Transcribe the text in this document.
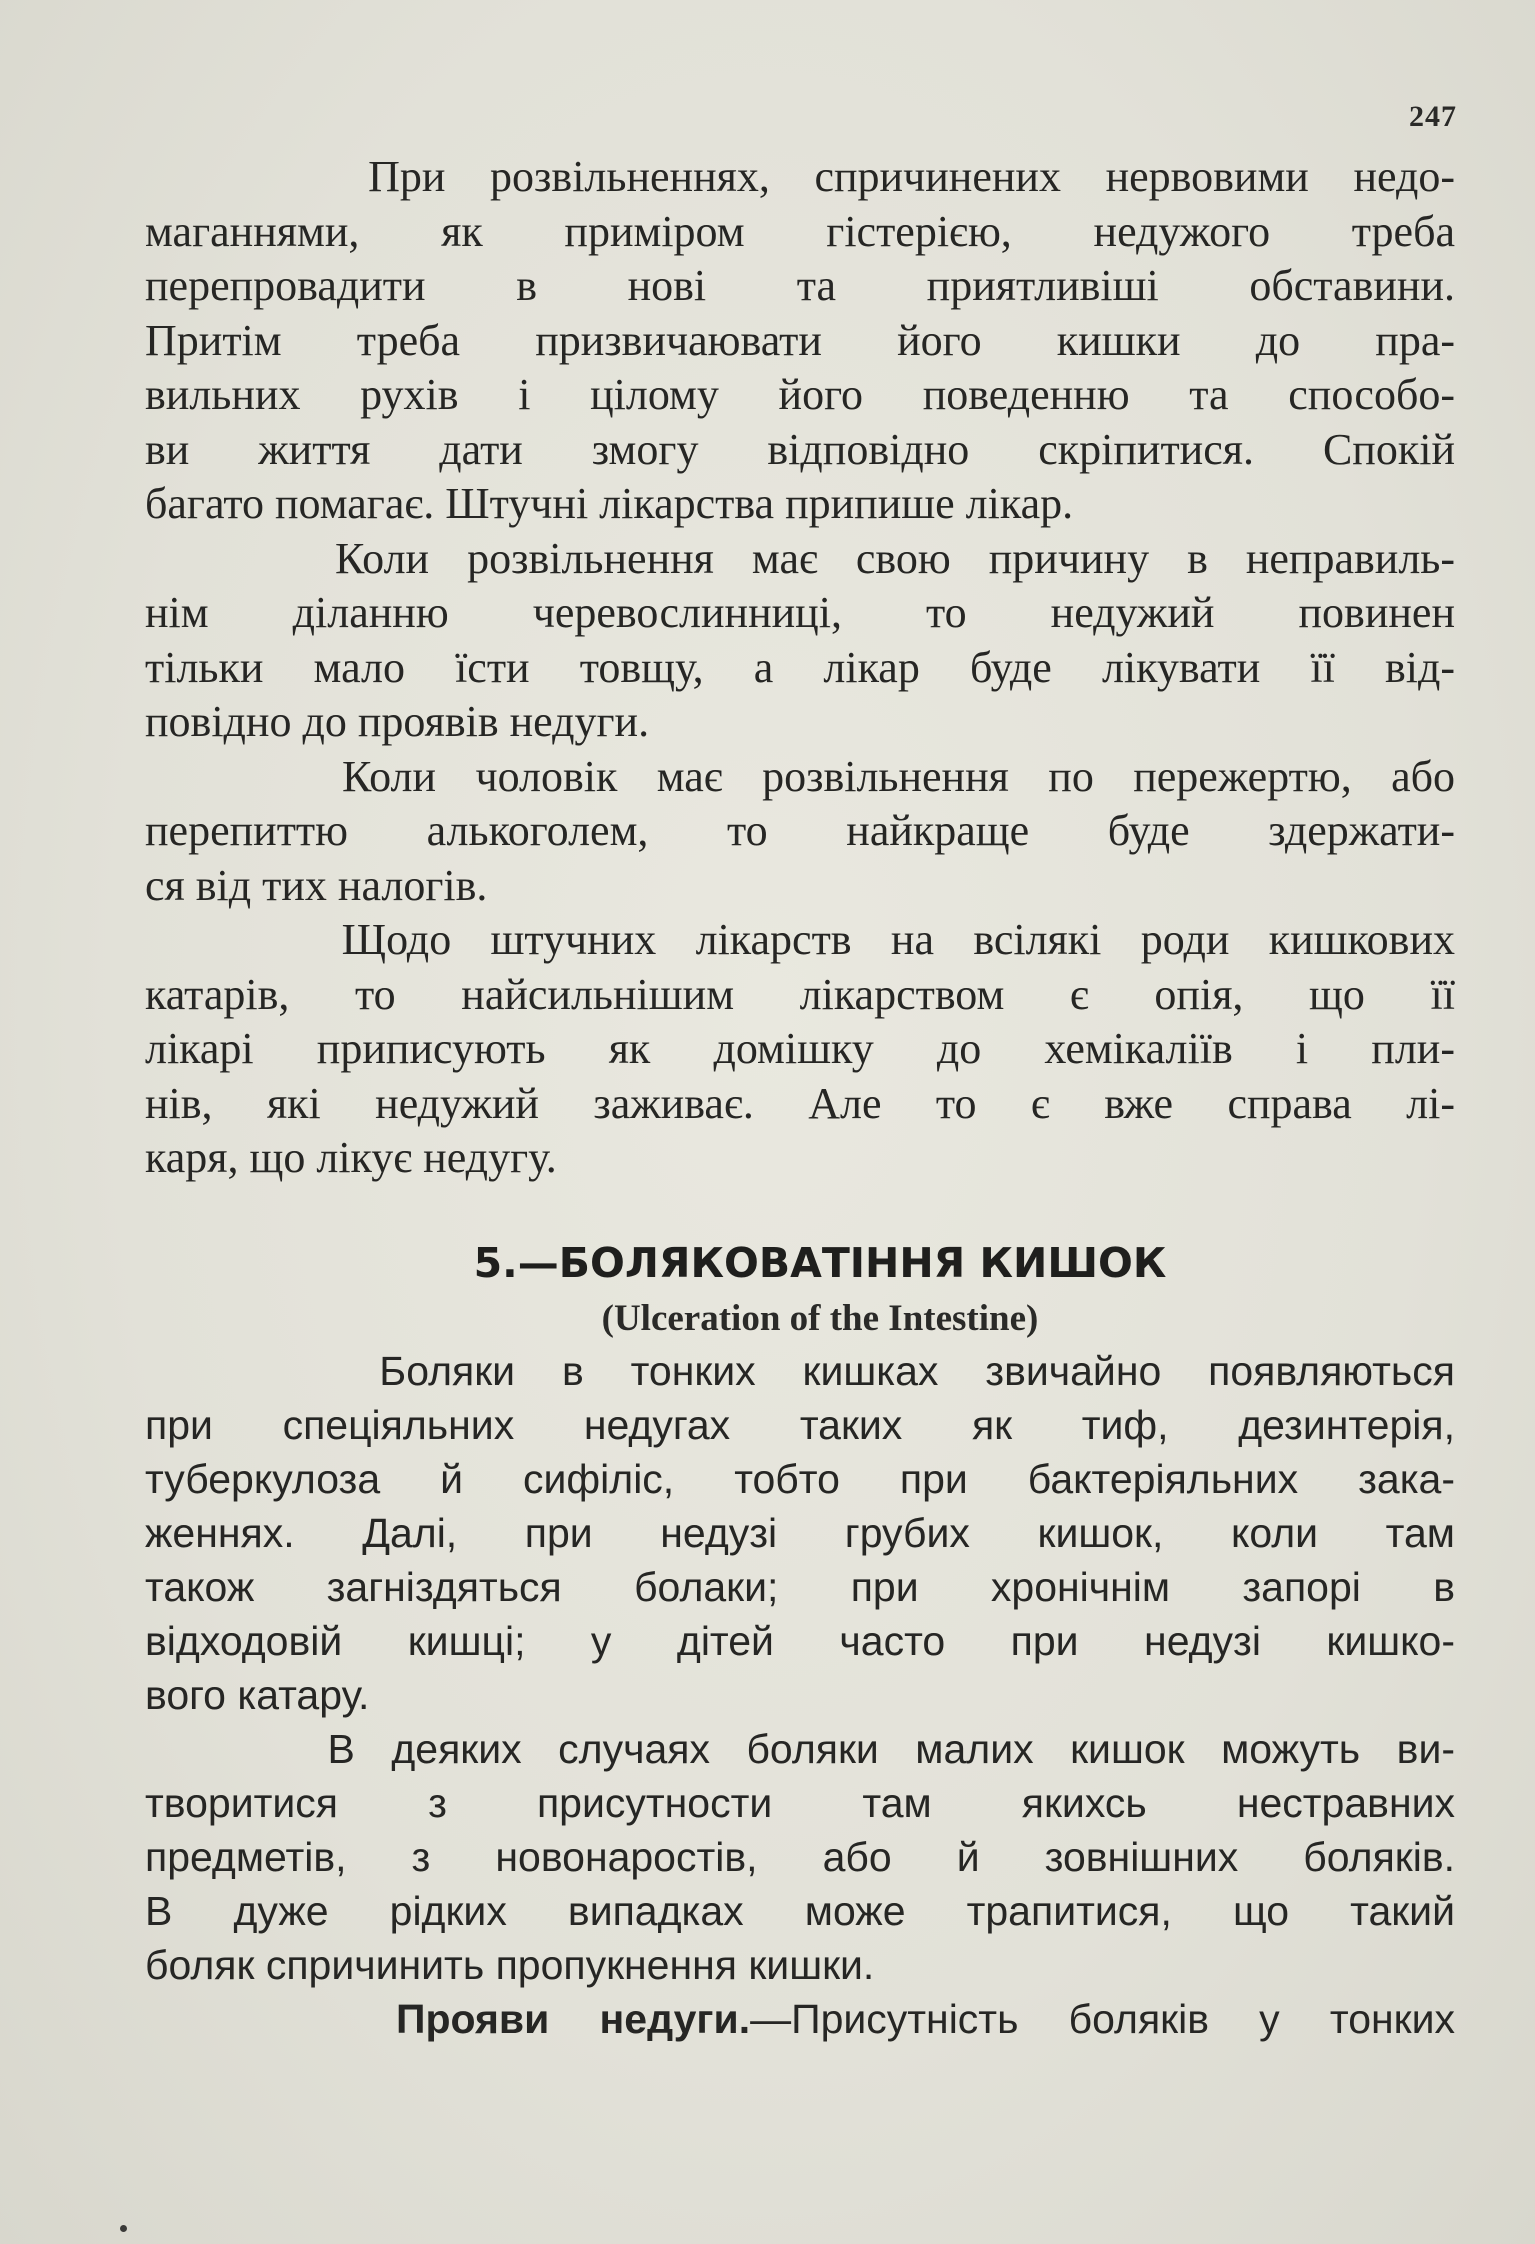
247
При розвільненнях, спричинених нервовими недо-
маганнями, як приміром гістерією, недужого треба
перепровадити в нові та приятливіші обставини.
Притім треба призвичаювати його кишки до пра-
вильних рухів і цілому його поведенню та способо-
ви життя дати змогу відповідно скріпитися. Спокій
багато помагає. Штучні лікарства припише лікар.
Коли розвільнення має свою причину в неправиль-
нім діланню черевослинниці, то недужий повинен
тільки мало їсти товщу, а лікар буде лікувати її від-
повідно до проявів недуги.
Коли чоловік має розвільнення по пережертю, або
перепиттю алькоголем, то найкраще буде здержати-
ся від тих налогів.
Щодо штучних лікарств на всілякі роди кишкових
катарів, то найсильнішим лікарством є опія, що її
лікарі приписують як домішку до хемікаліїв і пли-
нів, які недужий заживає. Але то є вже справа лі-
каря, що лікує недугу.
5.—БОЛЯКОВАТІННЯ КИШОК
(Ulceration of the Intestine)
Боляки в тонких кишках звичайно появляються
при спеціяльних недугах таких як тиф, дезинтерія,
туберкулоза й сифіліс, тобто при бактеріяльних зака-
женнях. Далі, при недузі грубих кишок, коли там
також загніздяться болаки; при хронічнім запорі в
відходовій кишці; у дітей часто при недузі кишко-
вого катару.
В деяких случаях боляки малих кишок можуть ви-
творитися з присутности там якихсь нестравних
предметів, з новонаростів, або й зовнішних боляків.
В дуже рідких випадках може трапитися, що такий
боляк спричинить пропукнення кишки.
Прояви недуги.—Присутність боляків у тонких
